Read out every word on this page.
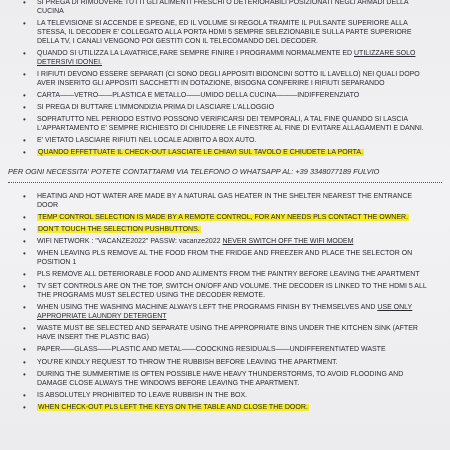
• SI PREGA DI RIMUOVERE TUTTI GLI ALIMENTI FRESCHI O DETERIORABILI POSIZIONATI NEGLI ARMADI DELLA CUCINA
• LA TELEVISIONE SI ACCENDE E SPEGNE, ED IL VOLUME SI REGOLA TRAMITE IL PULSANTE SUPERIORE ALLA STESSA, IL DECODER E' COLLEGATO ALLA PORTA HDMI 5 SEMPRE SELEZIONABILE SULLA PARTE SUPERIORE DELLA TV, I CANALI VENGONO POI GESTITI CON IL TELECOMANDO DEL DECODER.
• QUANDO SI UTILIZZA LA LAVATRICE,FARE SEMPRE FINIRE I PROGRAMMI NORMALMENTE ED UTILIZZARE SOLO DETERSIVI IDONEI.
• I RIFIUTI DEVONO ESSERE SEPARATI (CI SONO DEGLI APPOSITI BIDONCINI SOTTO IL LAVELLO) NEI QUALI DOPO AVER INSERITO GLI APPOSITI SACCHETTI IN DOTAZIONE, BISOGNA CONFERIRE I RIFIUTI SEPARANDO
• CARTA——VETRO——PLASTICA E METALLO——UMIDO DELLA CUCINA———INDIFFERENZIATO
• SI PREGA DI BUTTARE L'IMMONDIZIA PRIMA DI LASCIARE L'ALLOGGIO
• SOPRATUTTO NEL PERIODO ESTIVO POSSONO VERIFICARSI DEI TEMPORALI, A TAL FINE QUANDO SI LASCIA L'APPARTAMENTO E' SEMPRE RICHIESTO DI CHIUDERE LE FINESTRE AL FINE DI EVITARE ALLAGAMENTI E DANNI.
• E' VIETATO LASCIARE RIFIUTI NEL LOCALE ADIBITO A BOX AUTO.
• QUANDO EFFETTUATE IL CHECK-OUT LASCIATE LE CHIAVI SUL TAVOLO E CHIUDETE LA PORTA.
PER OGNI NECESSITA' POTETE CONTATTARMI VIA TELEFONO O WHATSAPP AL: +39 3348077189 FULVIO
• HEATING AND HOT WATER ARE MADE BY A NATURAL GAS HEATER IN THE SHELTER NEAREST THE ENTRANCE DOOR
• TEMP CONTROL SELECTION IS MADE BY A REMOTE CONTROL, FOR ANY NEEDS PLS CONTACT THE OWNER.
• DON'T TOUCH THE SELECTION PUSHBUTTONS.
• WIFI NETWORK : "VACANZE2022" PASSW: vacanze2022 NEVER SWITCH OFF THE WIFI MODEM
• WHEN LEAVING PLS REMOVE AL THE FOOD FROM THE FRIDGE AND FREEZER AND PLACE THE SELECTOR ON POSITION 1
• PLS REMOVE ALL DETERIORABLE FOOD AND ALIMENTS FROM THE PAINTRY BEFORE LEAVING THE APARTMENT
• TV SET CONTROLS ARE ON THE TOP, SWITCH ON/OFF AND VOLUME. THE DECODER IS LINKED TO THE HDMI 5 ALL THE PROGRAMS MUST SELECTED USING THE DECODER REMOTE.
• WHEN USING THE WASHING MACHINE ALWAYS LEFT THE PROGRAMS FINISH BY THEMSELVES AND USE ONLY APPROPRIATE LAUNDRY DETERGENT
• WASTE MUST BE SELECTED AND SEPARATE USING THE APPROPRIATE BINS UNDER THE KITCHEN SINK (AFTER HAVE INSERT THE PLASTIC BAG)
• PAPER——GLASS——PLASTIC AND METAL——COOCKING RESIDUALS——UNDIFFERENTIATED WASTE
• YOU'RE KINDLY REQUEST TO THROW THE RUBBISH BEFORE LEAVING THE APARTMENT.
• DURING THE SUMMERTIME IS OFTEN POSSIBLE HAVE HEAVY THUNDERSTORMS, TO AVOID FLOODING AND DAMAGE CLOSE ALWAYS THE WINDOWS BEFORE LEAVING THE APARTMENT.
• IS ABSOLUTELY PROHIBITED TO LEAVE RUBBISH IN THE BOX.
• WHEN CHECK-OUT PLS LEFT THE KEYS ON THE TABLE AND CLOSE THE DOOR.
